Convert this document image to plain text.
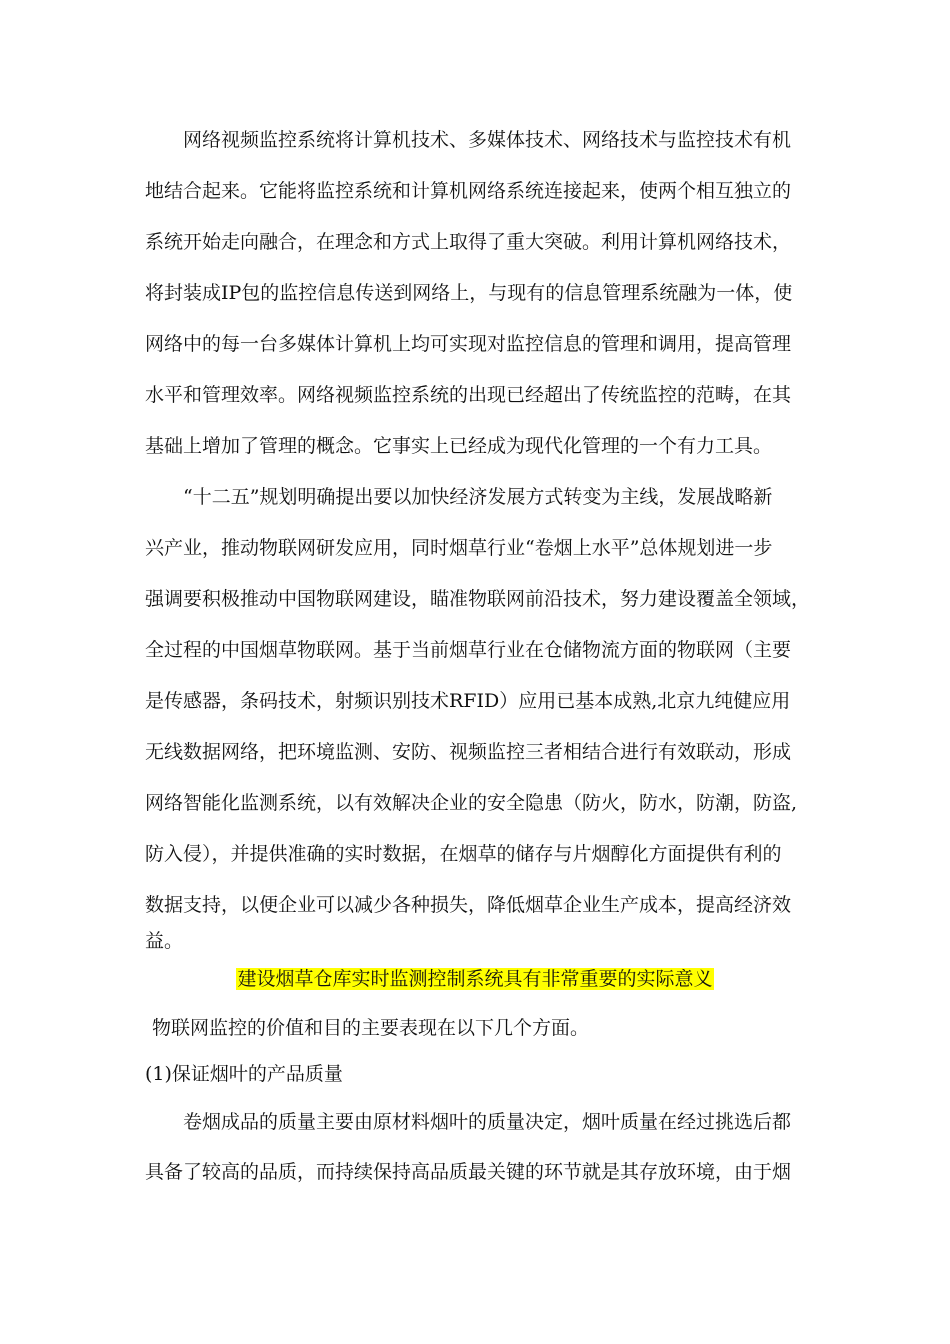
网络视频监控系统将计算机技术、多媒体技术、网络技术与监控技术有机
地结合起来。它能将监控系统和计算机网络系统连接起来，使两个相互独立的
系统开始走向融合，在理念和方式上取得了重大突破。利用计算机网络技术，
将封装成IP包的监控信息传送到网络上，与现有的信息管理系统融为一体，使
网络中的每一台多媒体计算机上均可实现对监控信息的管理和调用，提高管理
水平和管理效率。网络视频监控系统的出现已经超出了传统监控的范畴，在其
基础上增加了管理的概念。它事实上已经成为现代化管理的一个有力工具。
“十二五”规划明确提出要以加快经济发展方式转变为主线，发展战略新
兴产业，推动物联网研发应用，同时烟草行业“卷烟上水平”总体规划进一步
强调要积极推动中国物联网建设，瞄准物联网前沿技术，努力建设覆盖全领域，
全过程的中国烟草物联网。基于当前烟草行业在仓储物流方面的物联网（主要
是传感器，条码技术，射频识别技术RFID）应用已基本成熟,北京九纯健应用
无线数据网络，把环境监测、安防、视频监控三者相结合进行有效联动，形成
网络智能化监测系统，以有效解决企业的安全隐患（防火，防水，防潮，防盗,
防入侵），并提供准确的实时数据，在烟草的储存与片烟醇化方面提供有利的
数据支持，以便企业可以减少各种损失，降低烟草企业生产成本，提高经济效
益。
建设烟草仓库实时监测控制系统具有非常重要的实际意义
物联网监控的价值和目的主要表现在以下几个方面。
(1)保证烟叶的产品质量
卷烟成品的质量主要由原材料烟叶的质量决定，烟叶质量在经过挑选后都
具备了较高的品质，而持续保持高品质最关键的环节就是其存放环境，由于烟
